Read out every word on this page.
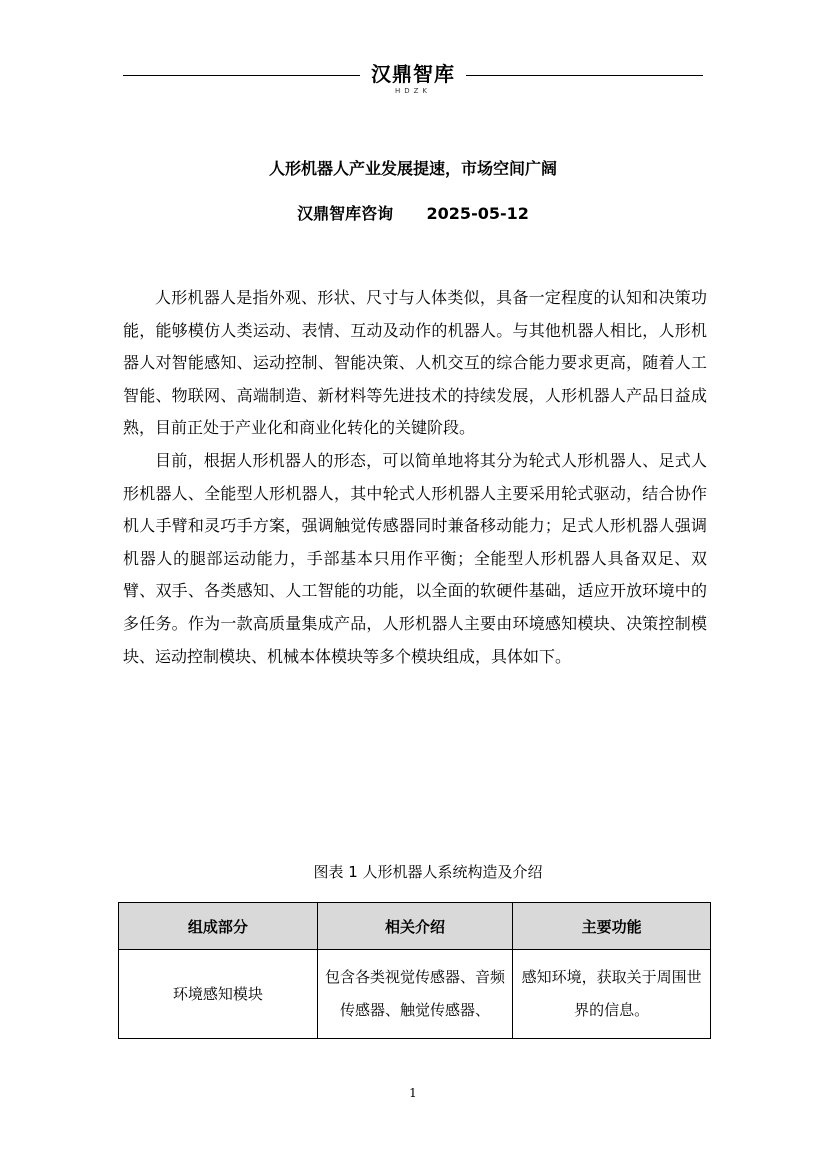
汉鼎智库
HDZK
人形机器人产业发展提速，市场空间广阔
汉鼎智库咨询      2025-05-12

人形机器人是指外观、形状、尺寸与人体类似，具备一定程度的认知和决策功能，能够模仿人类运动、表情、互动及动作的机器人。与其他机器人相比，人形机器人对智能感知、运动控制、智能决策、人机交互的综合能力要求更高，随着人工智能、物联网、高端制造、新材料等先进技术的持续发展，人形机器人产品日益成熟，目前正处于产业化和商业化转化的关键阶段。

目前，根据人形机器人的形态，可以简单地将其分为轮式人形机器人、足式人形机器人、全能型人形机器人，其中轮式人形机器人主要采用轮式驱动，结合协作机人手臂和灵巧手方案，强调触觉传感器同时兼备移动能力；足式人形机器人强调机器人的腿部运动能力，手部基本只用作平衡；全能型人形机器人具备双足、双臂、双手、各类感知、人工智能的功能，以全面的软硬件基础，适应开放环境中的多任务。作为一款高质量集成产品，人形机器人主要由环境感知模块、决策控制模块、运动控制模块、机械本体模块等多个模块组成，具体如下。

图表 1 人形机器人系统构造及介绍
组成部分	相关介绍	主要功能
环境感知模块	包含各类视觉传感器、音频传感器、触觉传感器、	感知环境，获取关于周围世界的信息。
1
